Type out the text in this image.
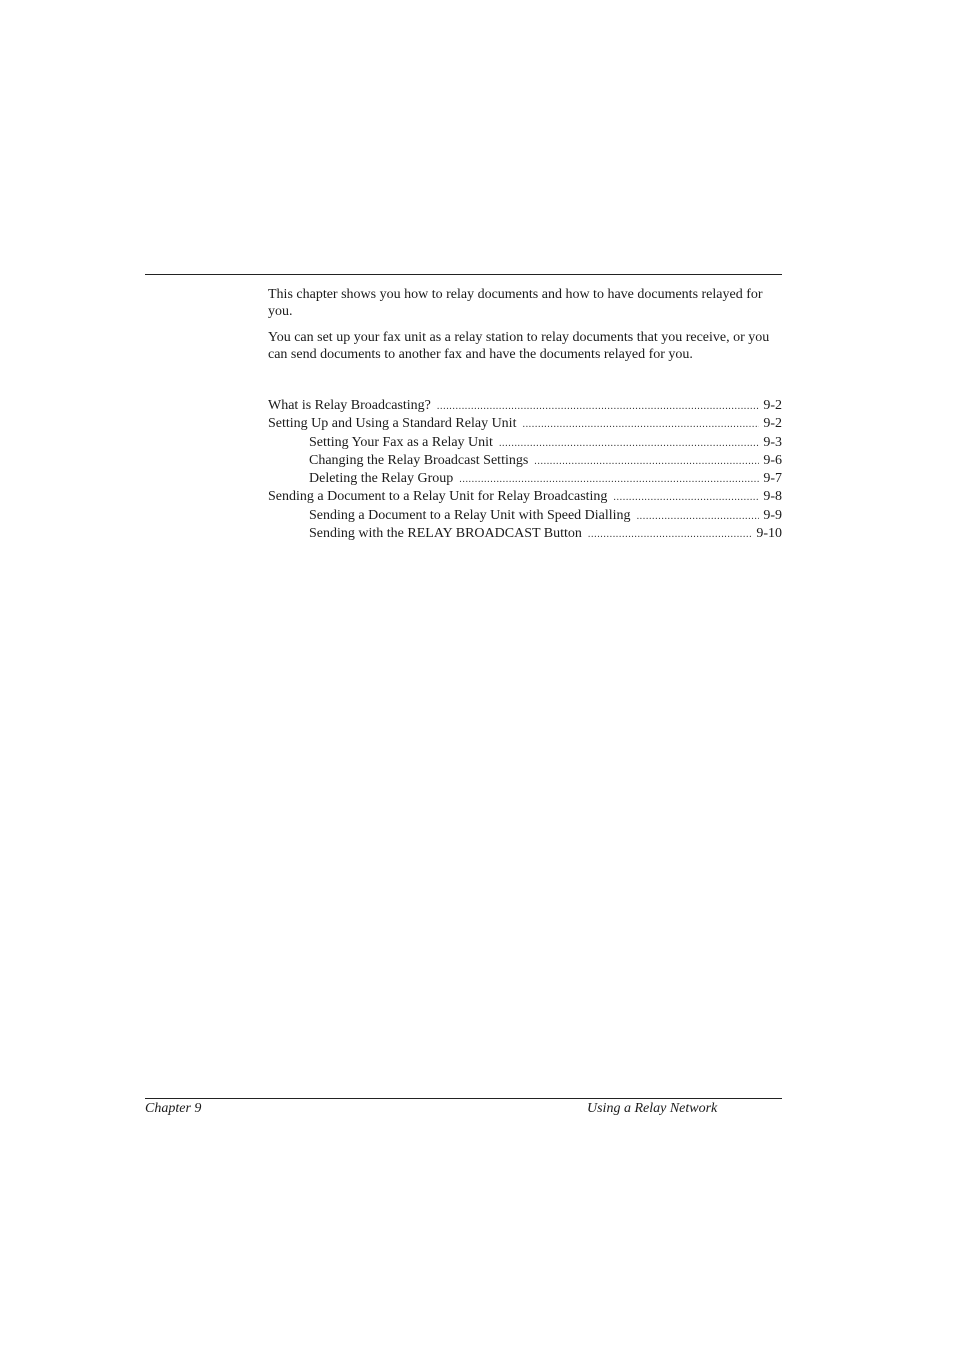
This chapter shows you how to relay documents and how to have documents relayed for you.

You can set up your fax unit as a relay station to relay documents that you receive, or you can send documents to another fax and have the documents relayed for you.

What is Relay Broadcasting? .....	9-2
Setting Up and Using a Standard Relay Unit .....	9-2
Setting Your Fax as a Relay Unit .....	9-3
Changing the Relay Broadcast Settings .....	9-6
Deleting the Relay Group .....	9-7
Sending a Document to a Relay Unit for Relay Broadcasting .....	9-8
Sending a Document to a Relay Unit with Speed Dialling .....	9-9
Sending with the RELAY BROADCAST Button .....	9-10
Chapter 9	Using a Relay Network
